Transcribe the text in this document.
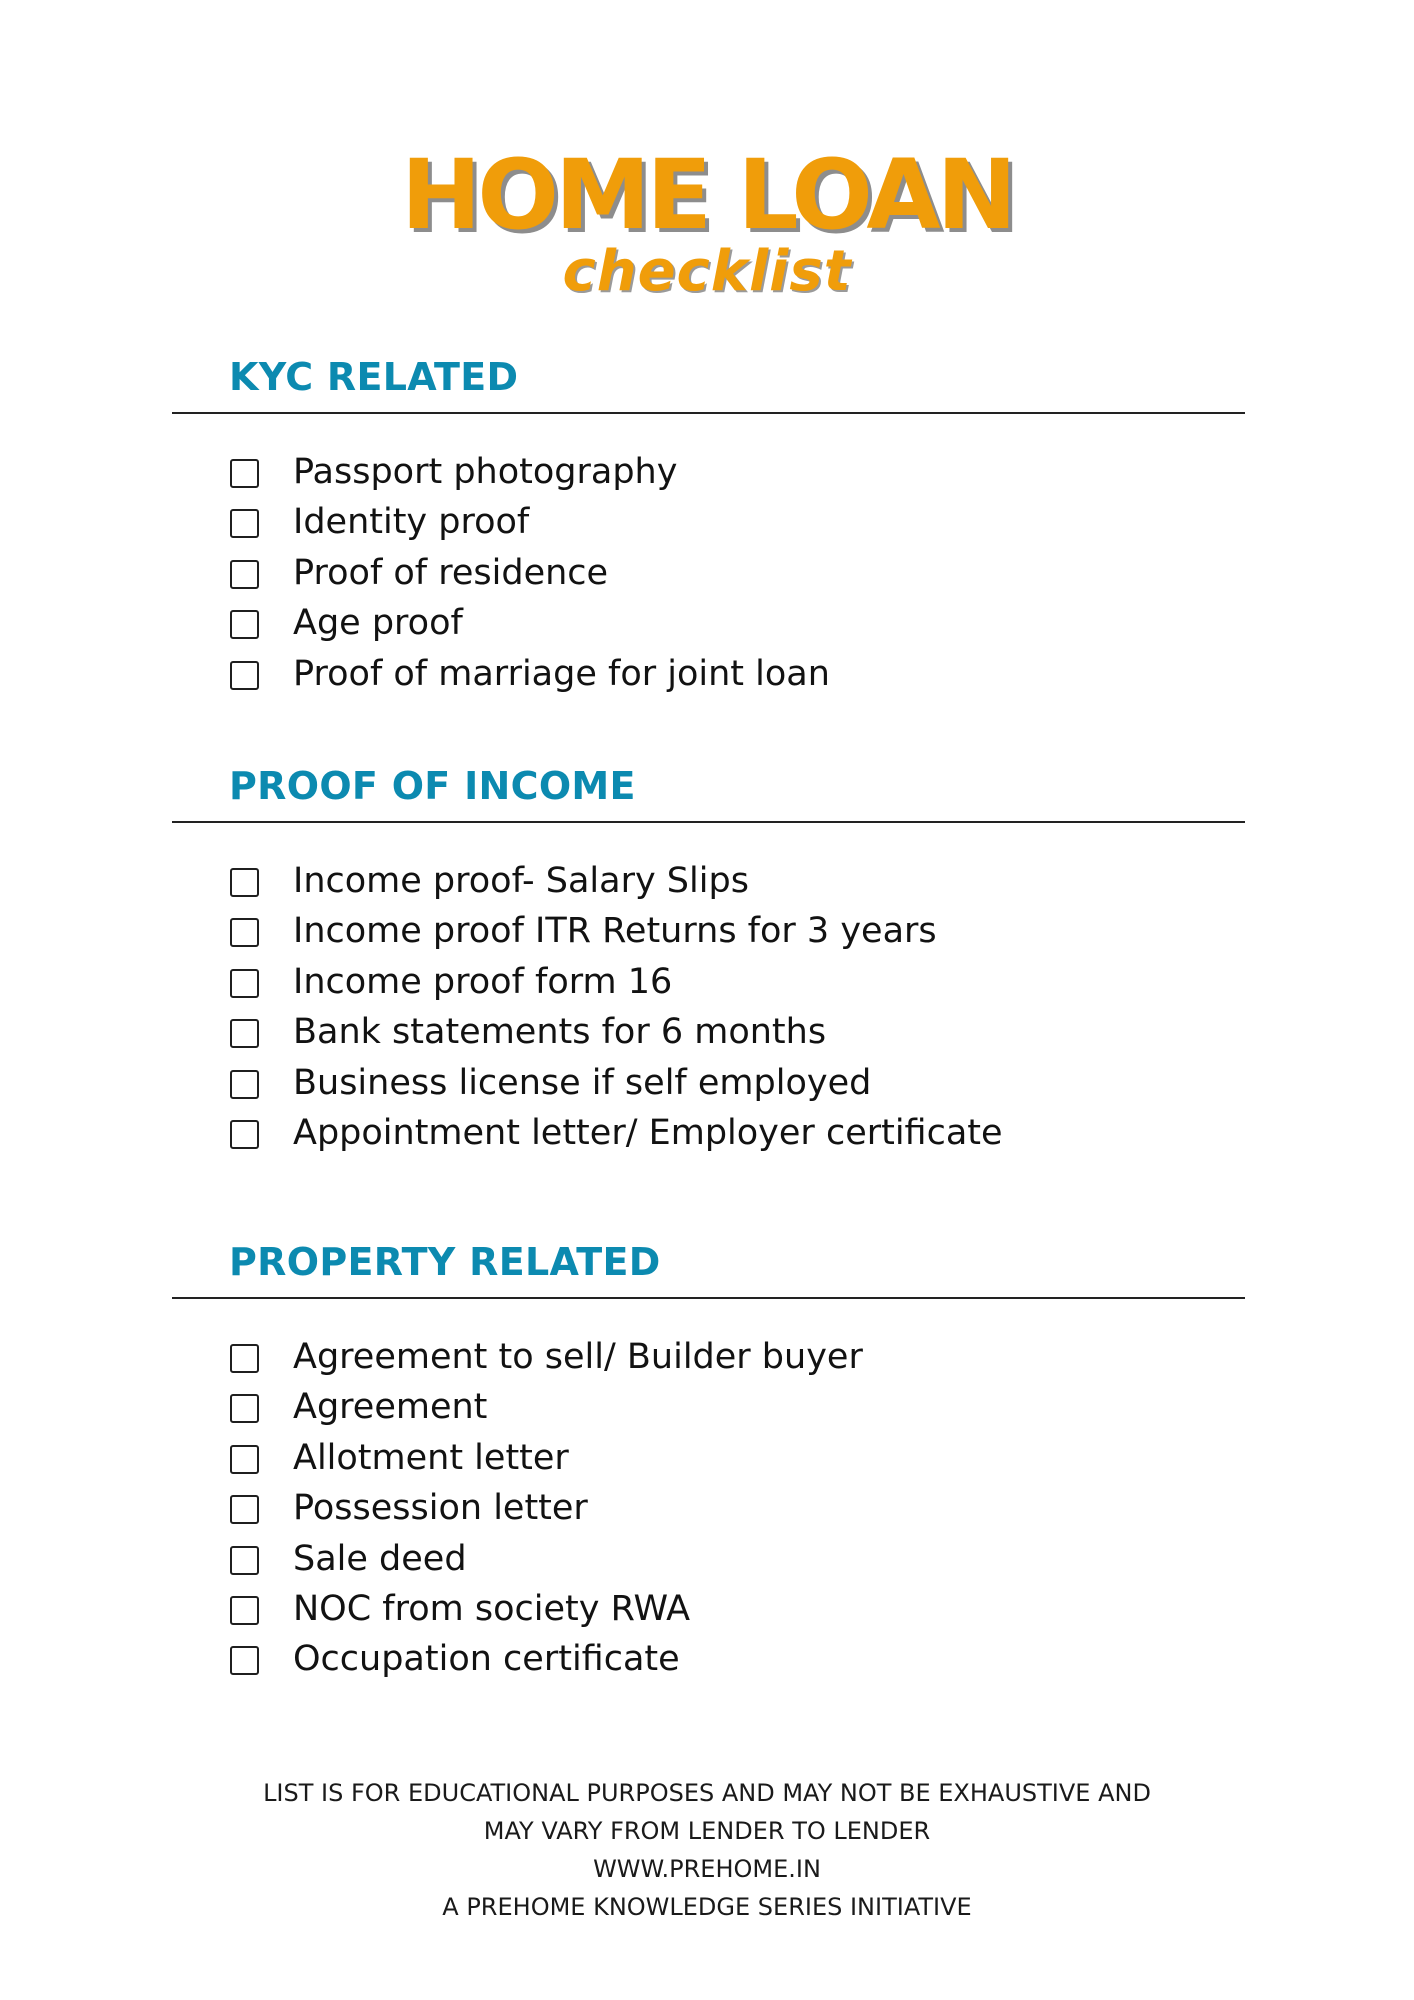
HOME LOAN
checklist
KYC RELATED
Passport photography
Identity proof
Proof of residence
Age proof
Proof of marriage for joint loan
PROOF OF INCOME
Income proof- Salary Slips
Income proof ITR Returns for 3 years
Income proof form 16
Bank statements for 6 months
Business license if self employed
Appointment letter/ Employer certificate
PROPERTY RELATED
Agreement to sell/ Builder buyer
Agreement
Allotment letter
Possession letter
Sale deed
NOC from society RWA
Occupation certificate
LIST IS FOR EDUCATIONAL PURPOSES AND MAY NOT BE EXHAUSTIVE AND
MAY VARY FROM LENDER TO LENDER
WWW.PREHOME.IN
A PREHOME KNOWLEDGE SERIES INITIATIVE
